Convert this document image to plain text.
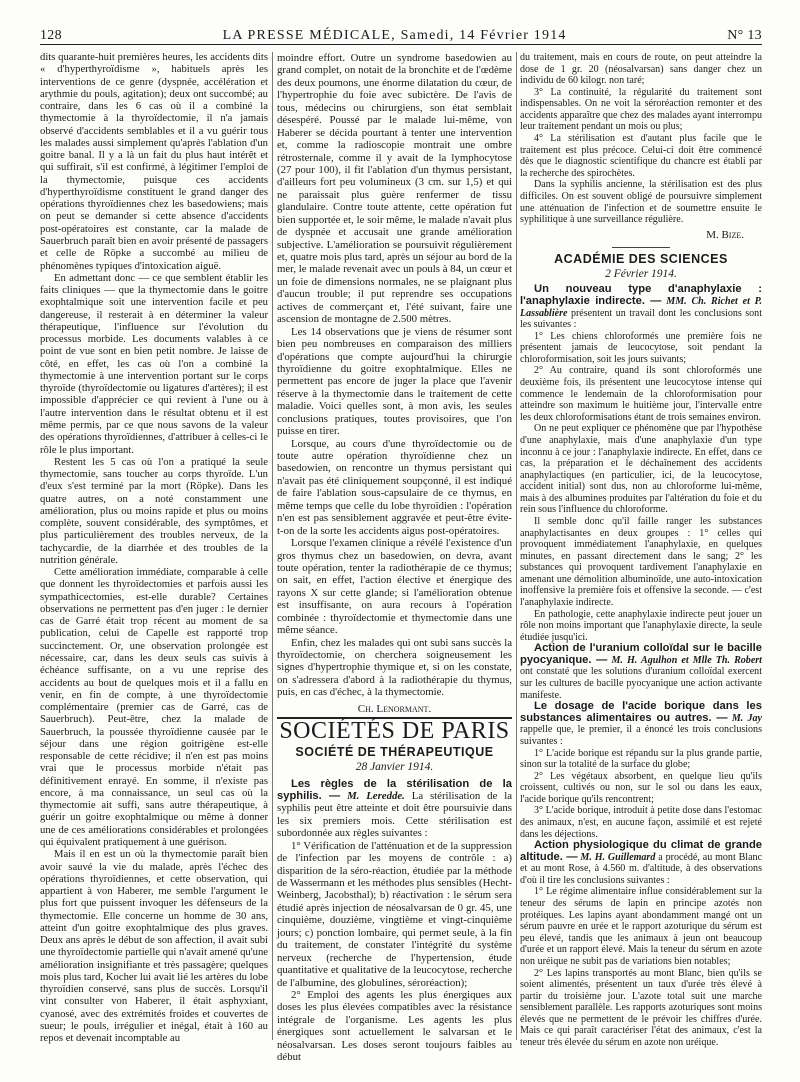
128	LA PRESSE MÉDICALE, Samedi, 14 Février 1914	N° 13

dits quarante-huit premières heures, les accidents dits « d'hyperthyroïdisme », habituels après les interventions de ce genre (dyspnée, accélération et arythmie du pouls, agitation); deux ont succombé; au contraire, dans les 6 cas où il a combiné la thymectomie à la thyroïdectomie, il n'a jamais observé d'accidents semblables et il a vu guérir tous les malades aussi simplement qu'après l'ablation d'un goitre banal. Il y a là un fait du plus haut intérêt et qui suffirait, s'il est confirmé, à légitimer l'emploi de la thymectomie, puisque ces accidents d'hyperthyroïdisme constituent le grand danger des opérations thyroïdiennes chez les basedowiens; mais on peut se demander si cette absence d'accidents post-opératoires est constante, car la malade de Sauerbruch paraît bien en avoir présenté de passagers et celle de Röpke a succombé au milieu de phénomènes typiques d'intoxication aiguë.

En admettant donc — ce que semblent établir les faits cliniques — que la thymectomie dans le goitre exophtalmique soit une intervention facile et peu dangereuse, il resterait à en déterminer la valeur thérapeutique, l'influence sur l'évolution du processus morbide. Les documents valables à ce point de vue sont en bien petit nombre. Je laisse de côté, en effet, les cas où l'on a combiné la thymectomie à une intervention portant sur le corps thyroïde (thyroïdectomie ou ligatures d'artères); il est impossible d'apprécier ce qui revient à l'une ou à l'autre intervention dans le résultat obtenu et il est même permis, par ce que nous savons de la valeur des opérations thyroïdiennes, d'attribuer à celles-ci le rôle le plus important.

Restent les 5 cas où l'on a pratiqué la seule thymectomie, sans toucher au corps thyroïde. L'un d'eux s'est terminé par la mort (Röpke). Dans les quatre autres, on a noté constamment une amélioration, plus ou moins rapide et plus ou moins complète, souvent considérable, des symptômes, et plus particulièrement des troubles nerveux, de la tachycardie, de la diarrhée et des troubles de la nutrition générale.

Cette amélioration immédiate, comparable à celle que donnent les thyroïdectomies et parfois aussi les sympathicectomies, est-elle durable? Certaines observations ne permettent pas d'en juger : le dernier cas de Garré était trop récent au moment de sa publication, celui de Capelle est rapporté trop succinctement. Or, une observation prolongée est nécessaire, car, dans les deux seuls cas suivis à échéance suffisante, on a vu une reprise des accidents au bout de quelques mois et il a fallu en venir, en fin de compte, à une thyroïdectomie complémentaire (premier cas de Garré, cas de Sauerbruch). Peut-être, chez la malade de Sauerbruch, la poussée thyroïdienne causée par le séjour dans une région goitrigène est-elle responsable de cette récidive; il n'en est pas moins vrai que le processus morbide n'était pas définitivement enrayé. En somme, il n'existe pas encore, à ma connaissance, un seul cas où la thymectomie ait suffi, sans autre thérapeutique, à guérir un goitre exophtalmique ou même à donner une de ces améliorations considérables et prolongées qui équivalent pratiquement à une guérison.

Mais il en est un où la thymectomie paraît bien avoir sauvé la vie du malade, après l'échec des opérations thyroïdiennes, et cette observation, qui appartient à von Haberer, me semble l'argument le plus fort que puissent invoquer les défenseurs de la thymectomie. Elle concerne un homme de 30 ans, atteint d'un goitre exophtalmique des plus graves. Deux ans après le début de son affection, il avait subi une thyroïdectomie partielle qui n'avait amené qu'une amélioration insignifiante et très passagère; quelques mois plus tard, Kocher lui avait lié les artères du lobe thyroïdien conservé, sans plus de succès. Lorsqu'il vint consulter von Haberer, il était asphyxiant, cyanosé, avec des extrémités froides et couvertes de sueur; le pouls, irrégulier et inégal, était à 160 au repos et devenait incomptable au

moindre effort. Outre un syndrome basedowien au grand complet, on notait de la bronchite et de l'œdème des deux poumons, une énorme dilatation du cœur, de l'hypertrophie du foie avec subictère. De l'avis de tous, médecins ou chirurgiens, son état semblait désespéré. Poussé par le malade lui-même, von Haberer se décida pourtant à tenter une intervention et, comme la radioscopie montrait une ombre rétrosternale, comme il y avait de la lymphocytose (27 pour 100), il fit l'ablation d'un thymus persistant, d'ailleurs fort peu volumineux (3 cm. sur 1,5) et qui ne paraissait plus guère renfermer de tissu glandulaire. Contre toute attente, cette opération fut bien supportée et, le soir même, le malade n'avait plus de dyspnée et accusait une grande amélioration subjective. L'amélioration se poursuivit régulièrement et, quatre mois plus tard, après un séjour au bord de la mer, le malade revenait avec un pouls à 84, un cœur et un foie de dimensions normales, ne se plaignant plus d'aucun trouble; il put reprendre ses occupations actives de commerçant et, l'été suivant, faire une ascension de montagne de 2.500 mètres.

Les 14 observations que je viens de résumer sont bien peu nombreuses en comparaison des milliers d'opérations que compte aujourd'hui la chirurgie thyroïdienne du goitre exophtalmique. Elles ne permettent pas encore de juger la place que l'avenir réserve à la thymectomie dans le traitement de cette maladie. Voici quelles sont, à mon avis, les seules conclusions pratiques, toutes provisoires, que l'on puisse en tirer.

Lorsque, au cours d'une thyroïdectomie ou de toute autre opération thyroïdienne chez un basedowien, on rencontre un thymus persistant qui n'avait pas été cliniquement soupçonné, il est indiqué de faire l'ablation sous-capsulaire de ce thymus, en même temps que celle du lobe thyroïdien : l'opération n'en est pas sensiblement aggravée et peut-être évite-t-on de la sorte les accidents aigus post-opératoires.

Lorsque l'examen clinique a révélé l'existence d'un gros thymus chez un basedowien, on devra, avant toute opération, tenter la radiothérapie de ce thymus; on sait, en effet, l'action élective et énergique des rayons X sur cette glande; si l'amélioration obtenue est insuffisante, on aura recours à l'opération combinée : thyroïdectomie et thymectomie dans une même séance.

Enfin, chez les malades qui ont subi sans succès la thyroïdectomie, on cherchera soigneusement les signes d'hypertrophie thymique et, si on les constate, on s'adressera d'abord à la radiothérapie du thymus, puis, en cas d'échec, à la thymectomie.

Ch. Lenormant.

SOCIÉTÉS DE PARIS
SOCIÉTÉ DE THÉRAPEUTIQUE
28 Janvier 1914.

Les règles de la stérilisation de la syphilis. — M. Leredde. La stérilisation de la syphilis peut être atteinte et doit être poursuivie dans les six premiers mois. Cette stérilisation est subordonnée aux règles suivantes :

1° Vérification de l'atténuation et de la suppression de l'infection par les moyens de contrôle : a) disparition de la séro-réaction, étudiée par la méthode de Wassermann et les méthodes plus sensibles (Hecht-Weinberg, Jacobsthal); b) réactivation : le sérum sera étudié après injection de néosalvarsan de 0 gr. 45, une cinquième, douzième, vingtième et vingt-cinquième jours; c) ponction lombaire, qui permet seule, à la fin du traitement, de constater l'intégrité du système nerveux (recherche de l'hypertension, étude quantitative et qualitative de la leucocytose, recherche de l'albumine, des globulines, séroréaction);

2° Emploi des agents les plus énergiques aux doses les plus élevées compatibles avec la résistance intégrale de l'organisme. Les agents les plus énergiques sont actuellement le salvarsan et le néosalvarsan. Les doses seront toujours faibles au début

du traitement, mais en cours de route, on peut atteindre la dose de 1 gr. 20 (néosalvarsan) sans danger chez un individu de 60 kilogr. non taré;

3° La continuité, la régularité du traitement sont indispensables. On ne voit la séroréaction remonter et des accidents apparaître que chez des malades ayant interrompu leur traitement pendant un mois ou plus;

4° La stérilisation est d'autant plus facile que le traitement est plus précoce. Celui-ci doit être commencé dès que le diagnostic scientifique du chancre est établi par la recherche des spirochètes.

Dans la syphilis ancienne, la stérilisation est des plus difficiles. On est souvent obligé de poursuivre simplement une atténuation de l'infection et de soumettre ensuite le syphilitique à une surveillance régulière.

M. Bize.

ACADÉMIE DES SCIENCES
2 Février 1914.

Un nouveau type d'anaphylaxie : l'anaphylaxie indirecte. — MM. Ch. Richet et P. Lassablière présentent un travail dont les conclusions sont les suivantes :

1° Les chiens chloroformés une première fois ne présentent jamais de leucocytose, soit pendant la chloroformisation, soit les jours suivants;

2° Au contraire, quand ils sont chloroformés une deuxième fois, ils présentent une leucocytose intense qui commence le lendemain de la chloroformisation pour atteindre son maximum le huitième jour, l'intervalle entre les deux chloroformisations étant de trois semaines environ.

On ne peut expliquer ce phénomène que par l'hypothèse d'une anaphylaxie, mais d'une anaphylaxie d'un type inconnu à ce jour : l'anaphylaxie indirecte. En effet, dans ce cas, la préparation et le déchaînement des accidents anaphylactiques (en particulier, ici, de la leucocytose, accident initial) sont dus, non au chloroforme lui-même, mais à des albumines produites par l'altération du foie et du rein sous l'influence du chloroforme.

Il semble donc qu'il faille ranger les substances anaphylactisantes en deux groupes : 1° celles qui provoquent immédiatement l'anaphylaxie, en quelques minutes, en passant directement dans le sang; 2° les substances qui provoquent tardivement l'anaphylaxie en amenant une démolition albuminoïde, une auto-intoxication inoffensive la première fois et offensive la seconde. — c'est l'anaphylaxie indirecte.

En pathologie, cette anaphylaxie indirecte peut jouer un rôle non moins important que l'anaphylaxie directe, la seule étudiée jusqu'ici.

Action de l'uranium colloïdal sur le bacille pyocyanique. — M. H. Agulhon et Mlle Th. Robert ont constaté que les solutions d'uranium colloïdal exercent sur les cultures de bacille pyocyanique une action activante manifeste.

Le dosage de l'acide borique dans les substances alimentaires ou autres. — M. Jay rappelle que, le premier, il a énoncé les trois conclusions suivantes :

1° L'acide borique est répandu sur la plus grande partie, sinon sur la totalité de la surface du globe;

2° Les végétaux absorbent, en quelque lieu qu'ils croissent, cultivés ou non, sur le sol ou dans les eaux, l'acide borique qu'ils rencontrent;

3° L'acide borique, introduit à petite dose dans l'estomac des animaux, n'est, en aucune façon, assimilé et est rejeté dans les déjections.

Action physiologique du climat de grande altitude. — M. H. Guillemard a procédé, au mont Blanc et au mont Rose, à 4.560 m. d'altitude, à des observations d'où il tire les conclusions suivantes :

1° Le régime alimentaire influe considérablement sur la teneur des sérums de lapin en principe azotés non protéiques. Les lapins ayant abondamment mangé ont un sérum pauvre en urée et le rapport azoturique du sérum est peu élevé, tandis que les animaux à jeun ont beaucoup d'urée et un rapport élevé. Mais la teneur du sérum en azote non uréique ne subit pas de variations bien notables;

2° Les lapins transportés au mont Blanc, bien qu'ils se soient alimentés, présentent un taux d'urée très élevé à partir du troisième jour. L'azote total suit une marche sensiblement parallèle. Les rapports azoturiques sont moins élevés que ne permettent de le prévoir les chiffres d'urée. Mais ce qui paraît caractériser l'état des animaux, c'est la teneur très élevée du sérum en azote non uréique.
